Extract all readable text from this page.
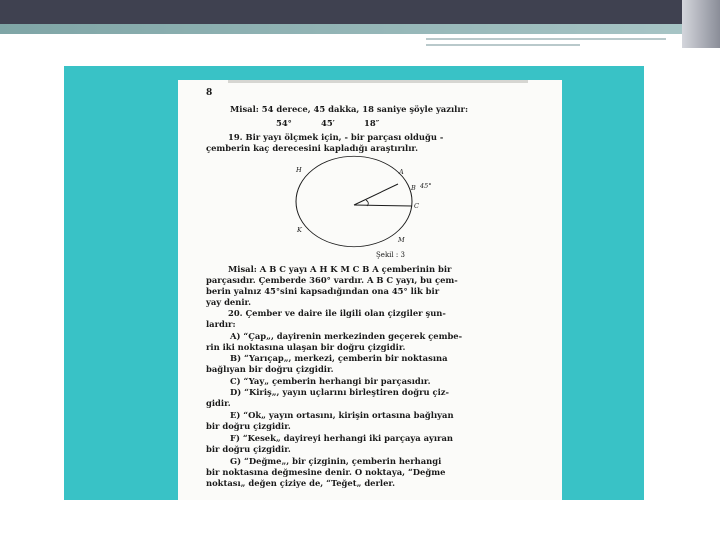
8
Misal: 54 derece, 45 dakka, 18 saniye şöyle yazılır:
54°          45′          18″
19. Bir yayı ölçmek için, - bir parçası olduğu -
çemberin kaç derecesini kapladığı araştırılır.
H	A
B 45°
C
K
M
Şekil : 3
Misal: A B C yayı A H K M C B A çemberinin bir
parçasıdır. Çemberde 360° vardır. A B C yayı, bu çem-
berin yalnız 45°sini kapsadığından ona 45° lik bir
yay denir.
20. Çember ve daire ile ilgili olan çizgiler şun-
lardır:
A) “Çap„, dayirenin merkezinden geçerek çembe-
rin iki noktasına ulaşan bir doğru çizgidir.
B) “Yarıçap„, merkezi, çemberin bir noktasına
bağlıyan bir doğru çizgidir.
C) “Yay„ çemberin herhangi bir parçasıdır.
D) “Kiriş„, yayın uçlarını birleştiren doğru çiz-
gidir.
E) “Ok„ yayın ortasını, kirişin ortasına bağlıyan
bir doğru çizgidir.
F) “Kesek„ dayireyi herhangi iki parçaya ayıran
bir doğru çizgidir.
G) “Değme„, bir çizginin, çemberin herhangi
bir noktasına değmesine denir. O noktaya, “Değme
noktası„ değen çiziye de, “Teğet„ derler.
